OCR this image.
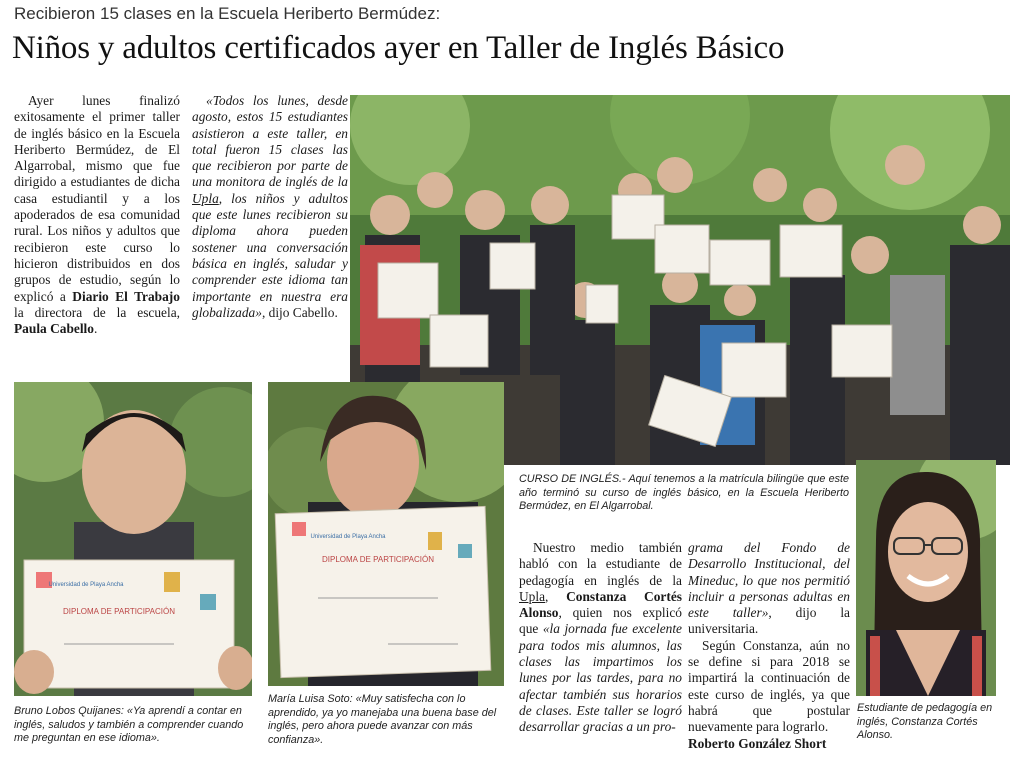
Recibieron 15 clases en la Escuela Heriberto Bermúdez:
Niños y adultos certificados ayer en Taller de Inglés Básico

Ayer lunes finalizó exitosamente el primer taller de inglés básico en la Escuela Heriberto Bermúdez, de El Algarrobal, mismo que fue dirigido a estudiantes de dicha casa estudiantil y a los apoderados de esa comunidad rural. Los niños y adultos que recibieron este curso lo hicieron distribuidos en dos grupos de estudio, según lo explicó a Diario El Trabajo la directora de la escuela, Paula Cabello.

«Todos los lunes, desde agosto, estos 15 estudiantes asistieron a este taller, en total fueron 15 clases las que recibieron por parte de una monitora de inglés de la Upla, los niños y adultos que este lunes recibieron su diploma ahora pueden sostener una conversación básica en inglés, saludar y comprender este idioma tan importante en nuestra era globalizada», dijo Cabello.

CURSO DE INGLÉS.- Aquí tenemos a la matrícula bilingüe que este año terminó su curso de inglés básico, en la Escuela Heriberto Bermúdez, en El Algarrobal.
DIPLOMA DE PARTICIPACIÓN
Universidad de Playa Ancha
Bruno Lobos Quijanes: «Ya aprendí a contar en inglés, saludos y también a comprender cuando me preguntan en ese idioma».
DIPLOMA DE PARTICIPACIÓN
Universidad de Playa Ancha
María Luisa Soto: «Muy satisfecha con lo aprendido, ya yo manejaba una buena base del inglés, pero ahora puede avanzar con más confianza».

Nuestro medio también habló con la estudiante de pedagogía en inglés de la Upla, Constanza Cortés Alonso, quien nos explicó que «la jornada fue excelente para todos mis alumnos, las clases las impartimos los lunes por las tardes, para no afectar también sus horarios de clases. Este taller se logró desarrollar gracias a un pro-

grama del Fondo de Desarrollo Institucional, del Mineduc, lo que nos permitió incluir a personas adultas en este taller», dijo la universitaria.

Según Constanza, aún no se define si para 2018 se impartirá la continuación de este curso de inglés, ya que habrá que postular nuevamente para lograrlo.

Roberto González Short
Estudiante de pedagogía en inglés, Constanza Cortés Alonso.
